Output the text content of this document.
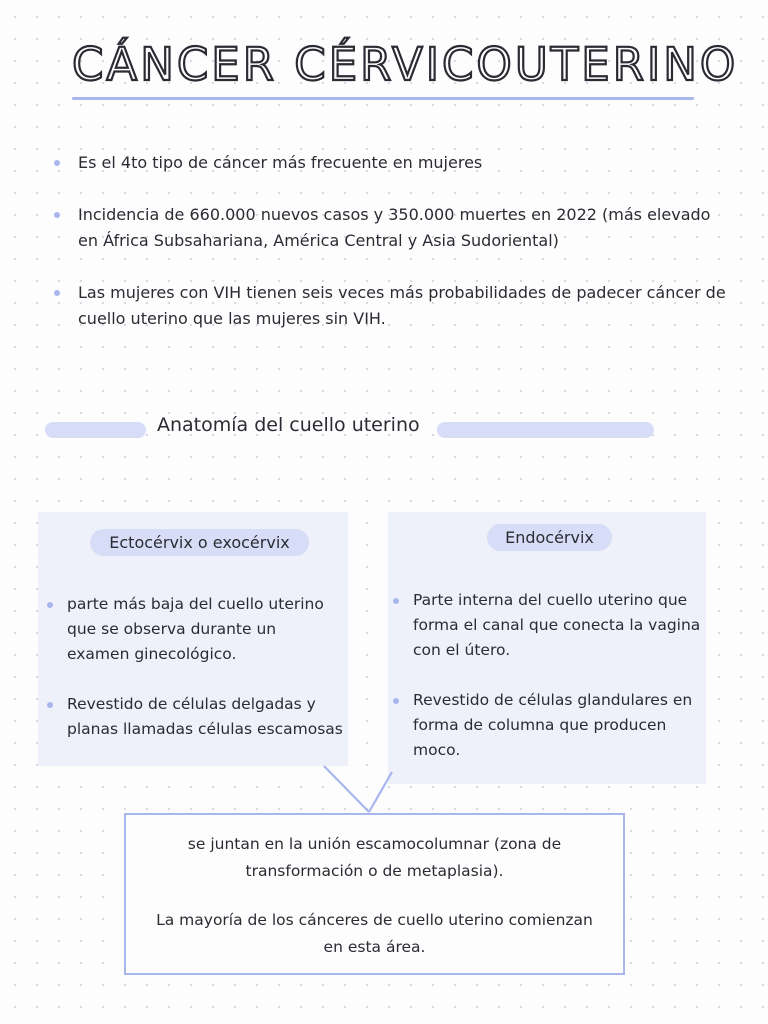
CÁNCER CÉRVICOUTERINO
Es el 4to tipo de cáncer más frecuente en mujeres
Incidencia de 660.000 nuevos casos y 350.000 muertes en 2022 (más elevado en África Subsahariana, América Central y Asia Sudoriental)
Las mujeres con VIH tienen seis veces más probabilidades de padecer cáncer de cuello uterino que las mujeres sin VIH.
Anatomía del cuello uterino
Ectocérvix o exocérvix
parte más baja del cuello uterino que se observa durante un examen ginecológico.
Revestido de células delgadas y planas llamadas células escamosas
Endocérvix
Parte interna del cuello uterino que forma el canal que conecta la vagina con el útero.
Revestido de células glandulares en forma de columna que producen moco.

se juntan en la unión escamocolumnar (zona de transformación o de metaplasia).

La mayoría de los cánceres de cuello uterino comienzan en esta área.
